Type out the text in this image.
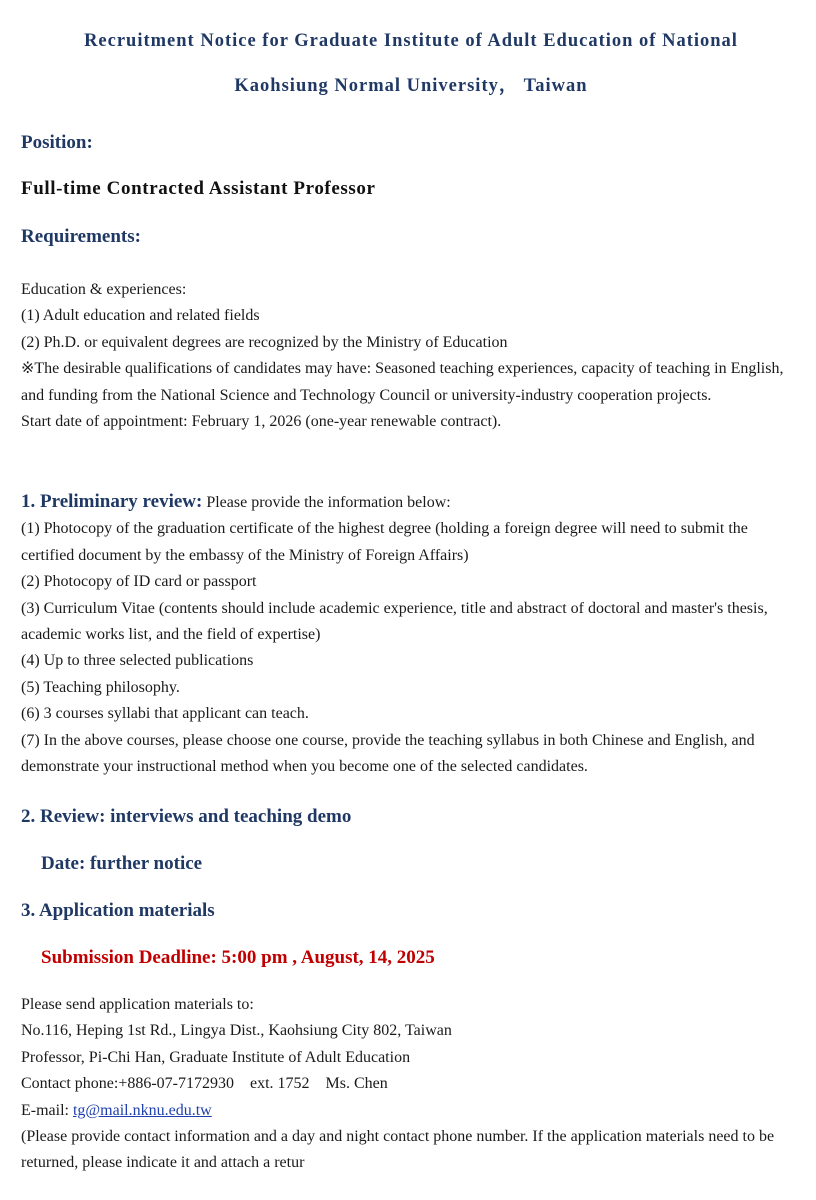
Recruitment Notice for Graduate Institute of Adult Education of National
Kaohsiung Normal University， Taiwan
Position:
Full-time Contracted Assistant Professor
Requirements:
Education & experiences:
(1) Adult education and related fields
(2) Ph.D. or equivalent degrees are recognized by the Ministry of Education
※The desirable qualifications of candidates may have: Seasoned teaching experiences, capacity of teaching in English, and funding from the National Science and Technology Council or university-industry cooperation projects.
Start date of appointment: February 1, 2026 (one-year renewable contract).
1. Preliminary review: Please provide the information below:
(1) Photocopy of the graduation certificate of the highest degree (holding a foreign degree will need to submit the certified document by the embassy of the Ministry of Foreign Affairs)
(2) Photocopy of ID card or passport
(3) Curriculum Vitae (contents should include academic experience, title and abstract of doctoral and master's thesis, academic works list, and the field of expertise)
(4) Up to three selected publications
(5) Teaching philosophy.
(6) 3 courses syllabi that applicant can teach.
(7) In the above courses, please choose one course, provide the teaching syllabus in both Chinese and English, and demonstrate your instructional method when you become one of the selected candidates.
2. Review: interviews and teaching demo
Date: further notice
3. Application materials
Submission Deadline: 5:00 pm , August, 14, 2025
Please send application materials to:
No.116, Heping 1st Rd., Lingya Dist., Kaohsiung City 802, Taiwan
Professor, Pi-Chi Han, Graduate Institute of Adult Education
Contact phone:+886-07-7172930    ext. 1752    Ms. Chen
E-mail: tg@mail.nknu.edu.tw
(Please provide contact information and a day and night contact phone number. If the application materials need to be returned, please indicate it and attach a retur
